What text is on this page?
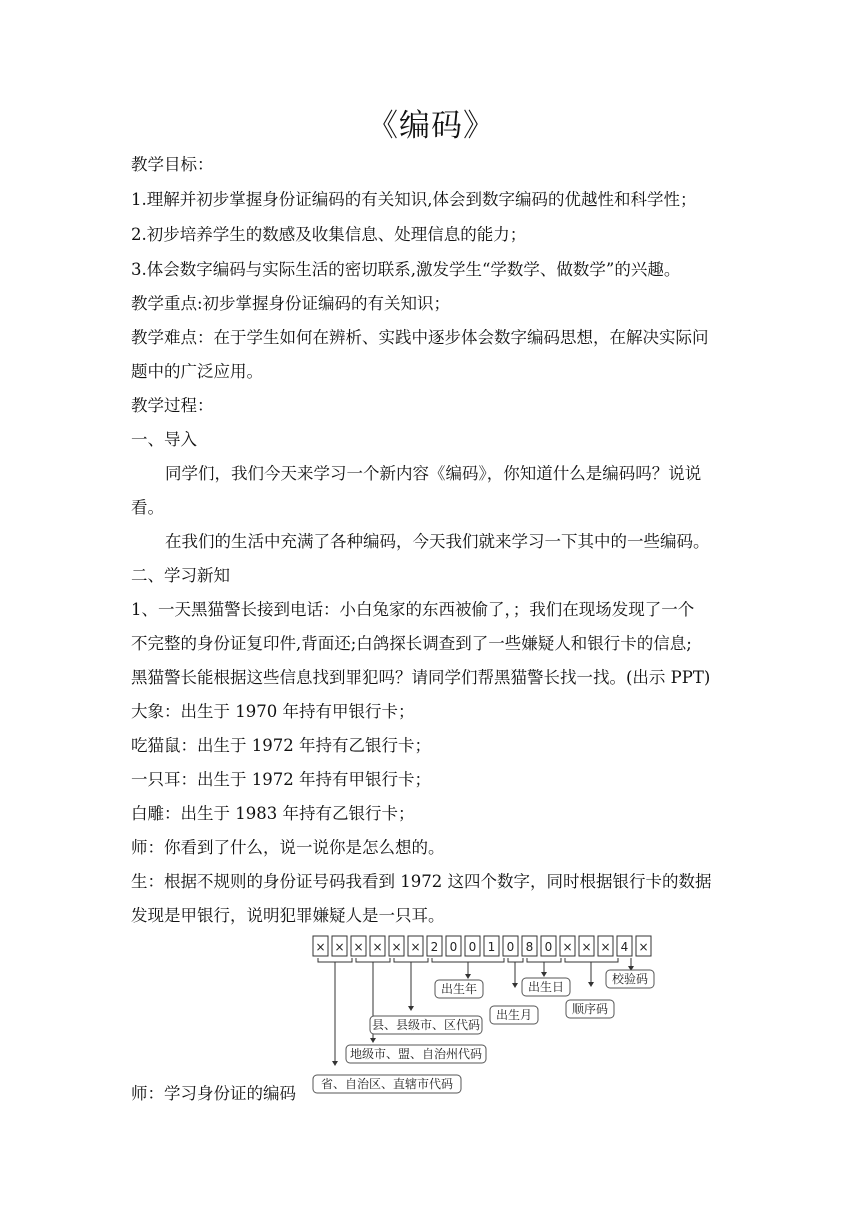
《编码》
教学目标：
1.理解并初步掌握身份证编码的有关知识,体会到数字编码的优越性和科学性；
2.初步培养学生的数感及收集信息、处理信息的能力；
3.体会数字编码与实际生活的密切联系,激发学生“学数学、做数学”的兴趣。
教学重点:初步掌握身份证编码的有关知识；
教学难点：在于学生如何在辨析、实践中逐步体会数字编码思想，在解决实际问
题中的广泛应用。
教学过程：
一、导入
同学们，我们今天来学习一个新内容《编码》，你知道什么是编码吗？说说
看。
在我们的生活中充满了各种编码，今天我们就来学习一下其中的一些编码。
二、学习新知
1、一天黑猫警长接到电话：小白兔家的东西被偷了，；我们在现场发现了一个
不完整的身份证复印件,背面还;白鸽探长调查到了一些嫌疑人和银行卡的信息;
黑猫警长能根据这些信息找到罪犯吗？请同学们帮黑猫警长找一找。(出示 PPT)
大象：出生于 1970 年持有甲银行卡；
吃猫鼠：出生于 1972 年持有乙银行卡；
一只耳：出生于 1972 年持有甲银行卡；
白雕：出生于 1983 年持有乙银行卡；
师：你看到了什么，说一说你是怎么想的。
生：根据不规则的身份证号码我看到 1972 这四个数字，同时根据银行卡的数据
发现是甲银行，说明犯罪嫌疑人是一只耳。
师：学习身份证的编码
× × × × × × 2 0 0 1 0 8 0 × × × 4 ×
出生年
出生月
出生日
顺序码
校验码
县、县级市、区代码
地级市、盟、自治州代码
省、自治区、直辖市代码
